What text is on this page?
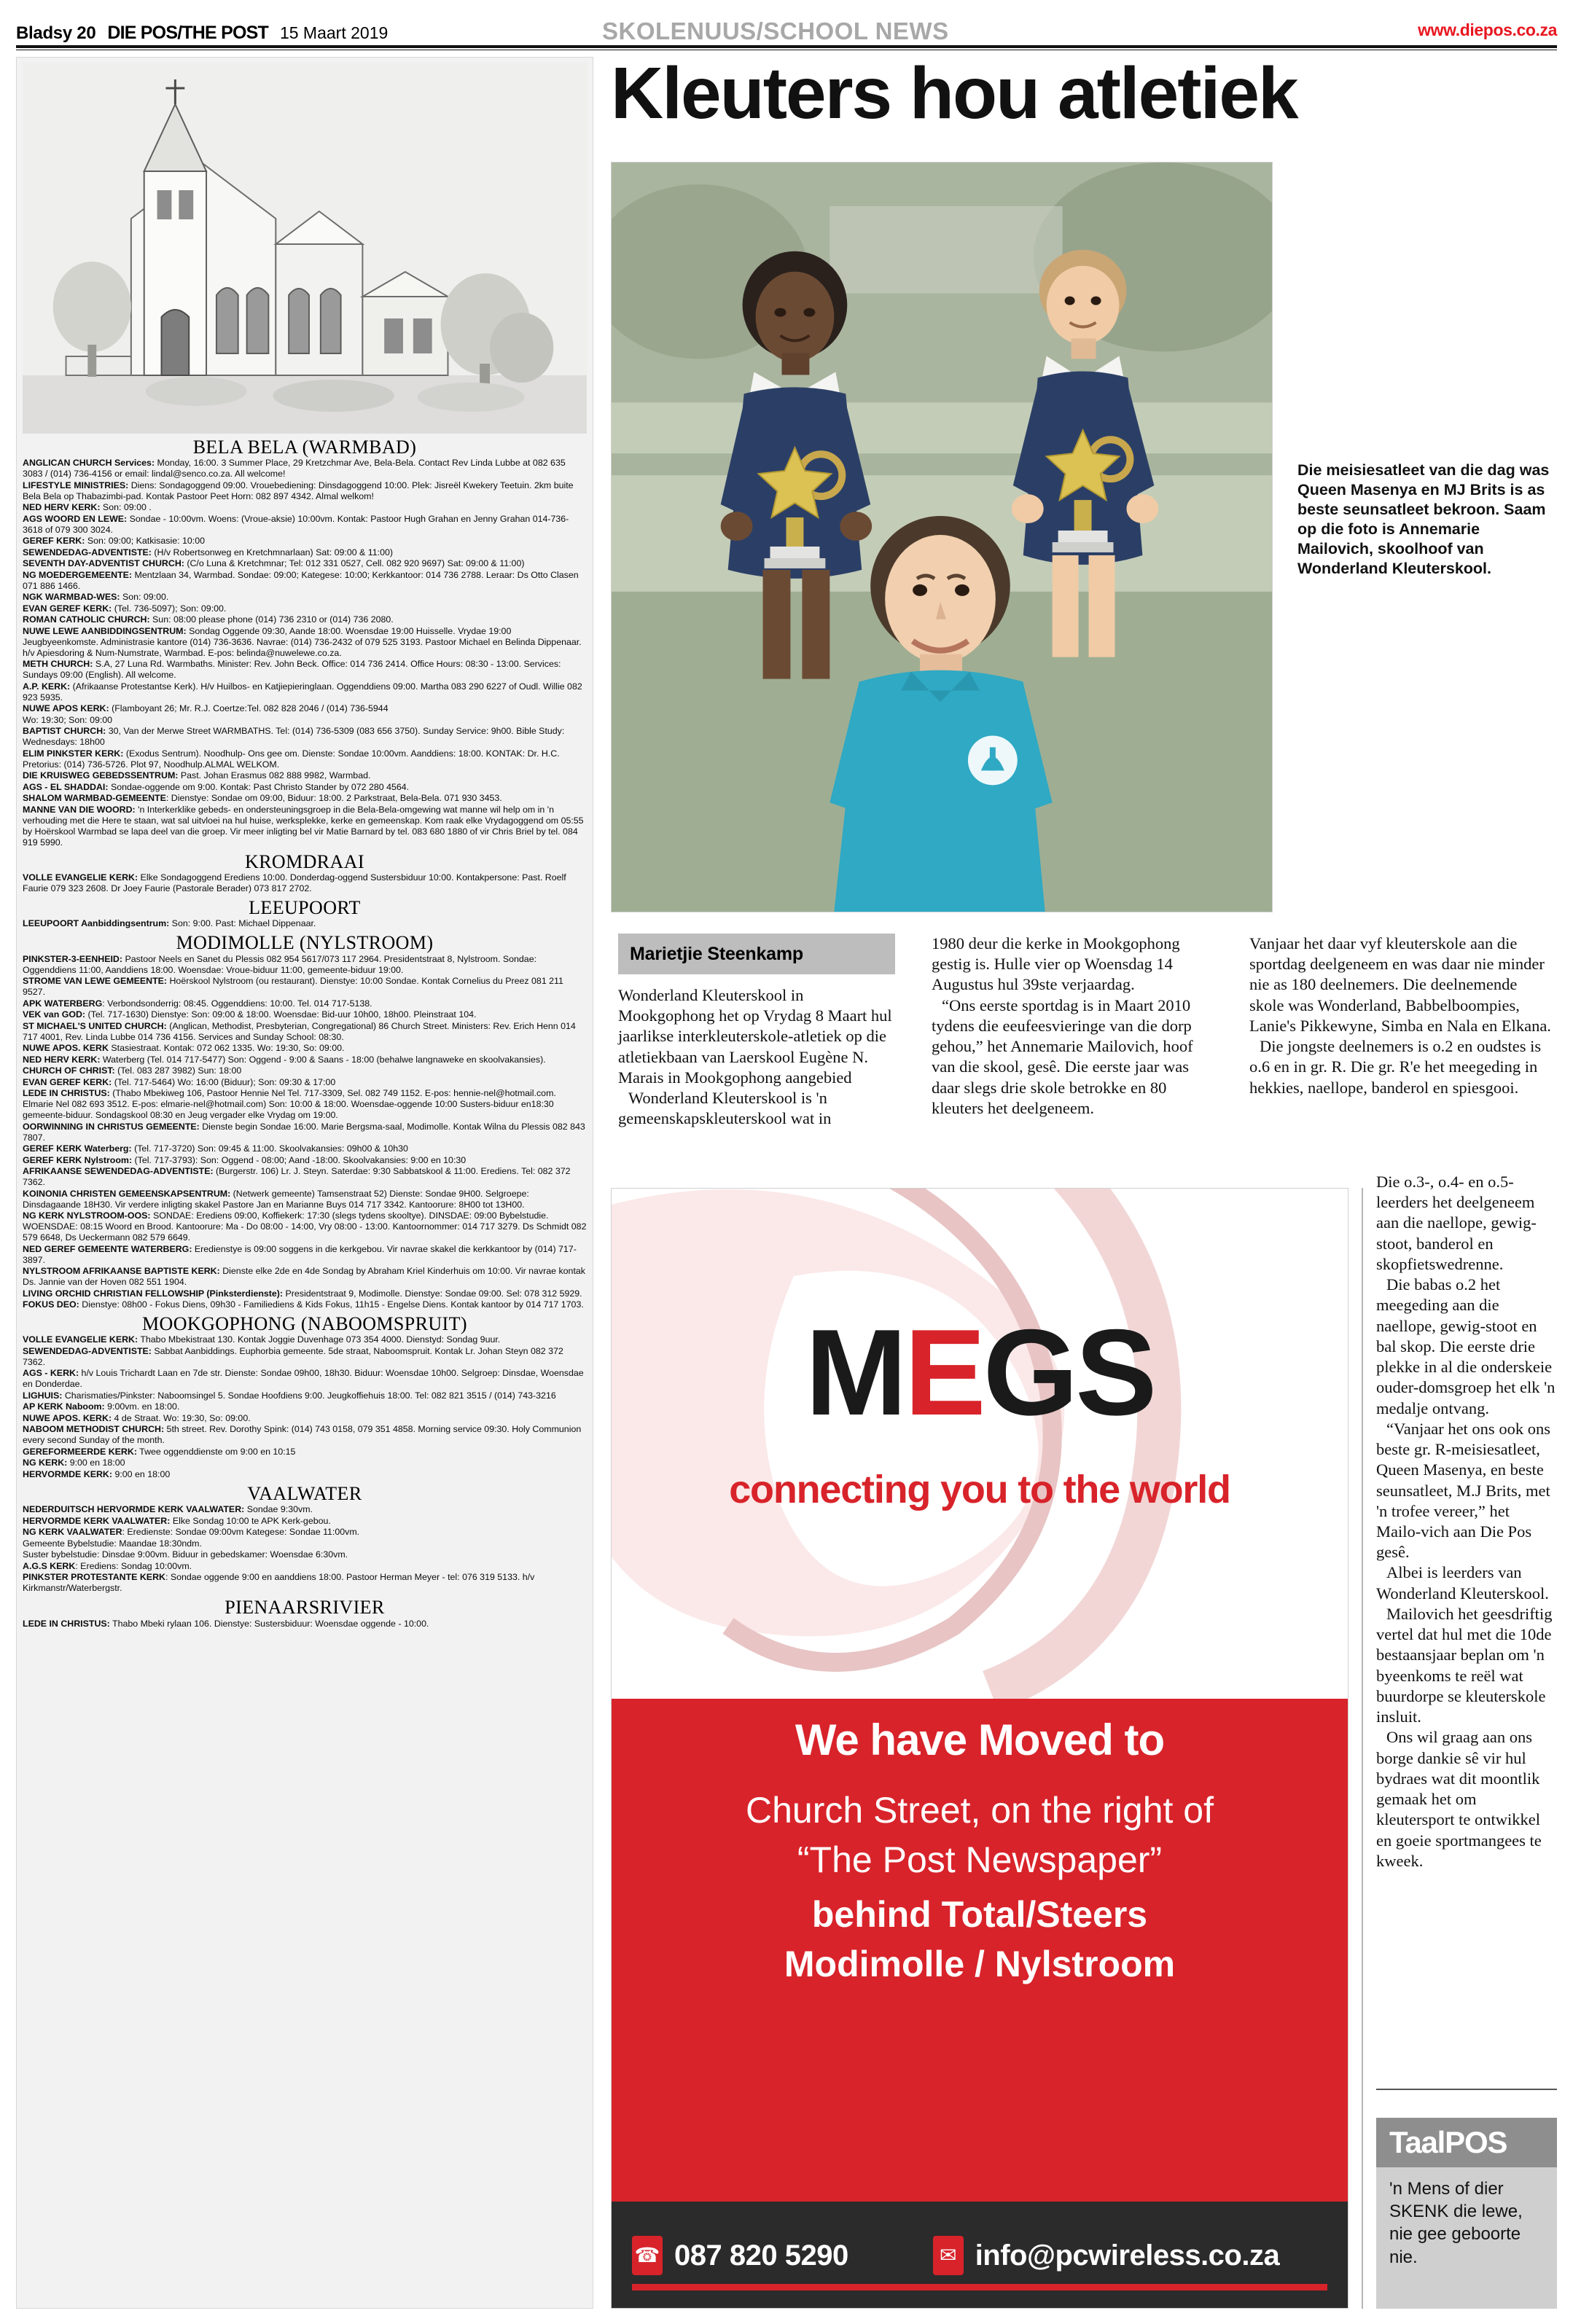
Bladsy 20 DIE POS/THE POST 15 Maart 2019	SKOLENUUS/SCHOOL NEWS	www.diepos.co.za
BELA BELA (WARMBAD)
ANGLICAN CHURCH Services: Monday, 16:00. 3 Summer Place, 29 Kretzchmar Ave, Bela-Bela. Contact Rev Linda Lubbe at 082 635 3083 / (014) 736-4156 or email: lindal@senco.co.za. All welcome!
LIFESTYLE MINISTRIES: Diens: Sondagoggend 09:00. Vrouebediening: Dinsdagoggend 10:00. Plek: Jisreël Kwekery Teetuin. 2km buite Bela Bela op Thabazimbi-pad. Kontak Pastoor Peet Horn: 082 897 4342. Almal welkom!
NED HERV KERK: Son: 09:00 .
AGS WOORD EN LEWE: Sondae - 10:00vm. Woens: (Vroue-aksie) 10:00vm. Kontak: Pastoor Hugh Grahan en Jenny Grahan 014-736-3618 of 079 300 3024.
GEREF KERK: Son: 09:00; Katkisasie: 10:00
SEWENDEDAG-ADVENTISTE: (H/v Robertsonweg en Kretchmnarlaan) Sat: 09:00 & 11:00)
SEVENTH DAY-ADVENTIST CHURCH: (C/o Luna & Kretchmnar; Tel: 012 331 0527, Cell. 082 920 9697) Sat: 09:00 & 11:00)
NG MOEDERGEMEENTE: Mentzlaan 34, Warmbad. Sondae: 09:00; Kategese: 10:00; Kerkkantoor: 014 736 2788. Leraar: Ds Otto Clasen 071 886 1466.
NGK WARMBAD-WES: Son: 09:00.
EVAN GEREF KERK: (Tel. 736-5097); Son: 09:00.
ROMAN CATHOLIC CHURCH: Sun: 08:00 please phone (014) 736 2310 or (014) 736 2080.
NUWE LEWE AANBIDDINGSENTRUM: Sondag Oggende 09:30, Aande 18:00. Woensdae 19:00 Huisselle. Vrydae 19:00 Jeugbyeenkomste. Administrasie kantore (014) 736-3636. Navrae: (014) 736-2432 of 079 525 3193. Pastoor Michael en Belinda Dippenaar. h/v Apiesdoring & Num-Numstrate, Warmbad. E-pos: belinda@nuwelewe.co.za.
METH CHURCH: S.A, 27 Luna Rd. Warmbaths. Minister: Rev. John Beck. Office: 014 736 2414. Office Hours: 08:30 - 13:00. Services: Sundays 09:00 (English). All welcome.
A.P. KERK: (Afrikaanse Protestantse Kerk). H/v Huilbos- en Katjiepieringlaan. Oggenddiens 09:00. Martha 083 290 6227 of Oudl. Willie 082 923 5935.
NUWE APOS KERK: (Flamboyant 26; Mr. R.J. Coertze:Tel. 082 828 2046 / (014) 736-5944
Wo: 19:30; Son: 09:00
BAPTIST CHURCH: 30, Van der Merwe Street WARMBATHS. Tel: (014) 736-5309 (083 656 3750). Sunday Service: 9h00. Bible Study: Wednesdays: 18h00
ELIM PINKSTER KERK: (Exodus Sentrum). Noodhulp- Ons gee om. Dienste: Sondae 10:00vm. Aanddiens: 18:00. KONTAK: Dr. H.C. Pretorius: (014) 736-5726. Plot 97, Noodhulp.ALMAL WELKOM.
DIE KRUISWEG GEBEDSSENTRUM: Past. Johan Erasmus 082 888 9982, Warmbad.
AGS - EL SHADDAI: Sondae-oggende om 9:00. Kontak: Past Christo Stander by 072 280 4564.
SHALOM WARMBAD-GEMEENTE: Dienstye: Sondae om 09:00, Biduur: 18:00. 2 Parkstraat, Bela-Bela. 071 930 3453.
MANNE VAN DIE WOORD: 'n Interkerklike gebeds- en ondersteuningsgroep in die Bela-Bela-omgewing wat manne wil help om in 'n verhouding met die Here te staan, wat sal uitvloei na hul huise, werksplekke, kerke en gemeenskap. Kom raak elke Vrydagoggend om 05:55 by Hoërskool Warmbad se lapa deel van die groep. Vir meer inligting bel vir Matie Barnard by tel. 083 680 1880 of vir Chris Briel by tel. 084 919 5990.
KROMDRAAI
VOLLE EVANGELIE KERK: Elke Sondagoggend Erediens 10:00. Donderdag-oggend Sustersbiduur 10:00. Kontakpersone: Past. Roelf Faurie 079 323 2608. Dr Joey Faurie (Pastorale Berader) 073 817 2702.
LEEUPOORT
LEEUPOORT Aanbiddingsentrum: Son: 9:00. Past: Michael Dippenaar.
MODIMOLLE (NYLSTROOM)
PINKSTER-3-EENHEID: Pastoor Neels en Sanet du Plessis 082 954 5617/073 117 2964. Presidentstraat 8, Nylstroom. Sondae: Oggenddiens 11:00, Aanddiens 18:00. Woensdae: Vroue-biduur 11:00, gemeente-biduur 19:00.
STROME VAN LEWE GEMEENTE: Hoërskool Nylstroom (ou restaurant). Dienstye: 10:00 Sondae. Kontak Cornelius du Preez 081 211 9527.
APK WATERBERG: Verbondsonderrig: 08:45. Oggenddiens: 10:00. Tel. 014 717-5138.
VEK van GOD: (Tel. 717-1630) Dienstye: Son: 09:00 & 18:00. Woensdae: Bid-uur 10h00, 18h00. Pleinstraat 104.
ST MICHAEL'S UNITED CHURCH: (Anglican, Methodist, Presbyterian, Congregational) 86 Church Street. Ministers: Rev. Erich Henn 014 717 4001, Rev. Linda Lubbe 014 736 4156. Services and Sunday School: 08:30.
NUWE APOS. KERK Stasiestraat. Kontak: 072 062 1335. Wo: 19:30, So: 09:00.
NED HERV KERK: Waterberg (Tel. 014 717-5477) Son: Oggend - 9:00 & Saans - 18:00 (behalwe langnaweke en skoolvakansies).
CHURCH OF CHRIST: (Tel. 083 287 3982) Sun: 18:00
EVAN GEREF KERK: (Tel. 717-5464) Wo: 16:00 (Biduur); Son: 09:30 & 17:00
LEDE IN CHRISTUS: (Thabo Mbekiweg 106, Pastoor Hennie Nel Tel. 717-3309, Sel. 082 749 1152. E-pos: hennie-nel@hotmail.com. Elmarie Nel 082 693 3512. E-pos: elmarie-nel@hotmail.com) Son: 10:00 & 18:00. Woensdae-oggende 10:00 Susters-biduur en18:30 gemeente-biduur. Sondagskool 08:30 en Jeug vergader elke Vrydag om 19:00.
OORWINNING IN CHRISTUS GEMEENTE: Dienste begin Sondae 16:00. Marie Bergsma-saal, Modimolle. Kontak Wilna du Plessis 082 843 7807.
GEREF KERK Waterberg: (Tel. 717-3720) Son: 09:45 & 11:00. Skoolvakansies: 09h00 & 10h30
GEREF KERK Nylstroom: (Tel. 717-3793): Son: Oggend - 08:00; Aand -18:00. Skoolvakansies: 9:00 en 10:30
AFRIKAANSE SEWENDEDAG-ADVENTISTE: (Burgerstr. 106) Lr. J. Steyn. Saterdae: 9:30 Sabbatskool & 11:00. Erediens. Tel: 082 372 7362.
KOINONIA CHRISTEN GEMEENSKAPSENTRUM: (Netwerk gemeente) Tamsenstraat 52) Dienste: Sondae 9H00. Selgroepe: Dinsdagaande 18H30. Vir verdere inligting skakel Pastore Jan en Marianne Buys 014 717 3342. Kantoorure: 8H00 tot 13H00.
NG KERK NYLSTROOM-OOS: SONDAE: Erediens 09:00, Koffiekerk: 17:30 (slegs tydens skooltye). DINSDAE: 09:00 Bybelstudie. WOENSDAE: 08:15 Woord en Brood. Kantoorure: Ma - Do 08:00 - 14:00, Vry 08:00 - 13:00. Kantoornommer: 014 717 3279. Ds Schmidt 082 579 6648, Ds Ueckermann 082 579 6649.
NED GEREF GEMEENTE WATERBERG: Eredienstye is 09:00 soggens in die kerkgebou. Vir navrae skakel die kerkkantoor by (014) 717-3897.
NYLSTROOM AFRIKAANSE BAPTISTE KERK: Dienste elke 2de en 4de Sondag by Abraham Kriel Kinderhuis om 10:00. Vir navrae kontak Ds. Jannie van der Hoven 082 551 1904.
LIVING ORCHID CHRISTIAN FELLOWSHIP (Pinksterdienste): Presidentstraat 9, Modimolle. Dienstye: Sondae 09:00. Sel: 078 312 5929.
FOKUS DEO: Dienstye: 08h00 - Fokus Diens, 09h30 - Familiediens & Kids Fokus, 11h15 - Engelse Diens. Kontak kantoor by 014 717 1703.
MOOKGOPHONG (NABOOMSPRUIT)
VOLLE EVANGELIE KERK: Thabo Mbekistraat 130. Kontak Joggie Duvenhage 073 354 4000. Dienstyd: Sondag 9uur.
SEWENDEDAG-ADVENTISTE: Sabbat Aanbiddings. Euphorbia gemeente. 5de straat, Naboomspruit. Kontak Lr. Johan Steyn 082 372 7362.
AGS - KERK: h/v Louis Trichardt Laan en 7de str. Dienste: Sondae 09h00, 18h30. Biduur: Woensdae 10h00. Selgroep: Dinsdae, Woensdae en Donderdae.
LIGHUIS: Charismaties/Pinkster: Naboomsingel 5. Sondae Hoofdiens 9:00. Jeugkoffiehuis 18:00. Tel: 082 821 3515 / (014) 743-3216
AP KERK Naboom: 9:00vm. en 18:00.
NUWE APOS. KERK: 4 de Straat. Wo: 19:30, So: 09:00.
NABOOM METHODIST CHURCH: 5th street. Rev. Dorothy Spink: (014) 743 0158, 079 351 4858. Morning service 09:30. Holy Communion every second Sunday of the month.
GEREFORMEERDE KERK: Twee oggenddienste om 9:00 en 10:15
NG KERK: 9:00 en 18:00
HERVORMDE KERK: 9:00 en 18:00
VAALWATER
NEDERDUITSCH HERVORMDE KERK VAALWATER: Sondae 9:30vm.
HERVORMDE KERK VAALWATER: Elke Sondag 10:00 te APK Kerk-gebou.
NG KERK VAALWATER: Eredienste: Sondae 09:00vm Kategese: Sondae 11:00vm.
Gemeente Bybelstudie: Maandae 18:30ndm.
Suster bybelstudie: Dinsdae 9:00vm. Biduur in gebedskamer: Woensdae 6:30vm.
A.G.S KERK: Erediens: Sondag 10:00vm.
PINKSTER PROTESTANTE KERK: Sondae oggende 9:00 en aanddiens 18:00. Pastoor Herman Meyer - tel: 076 319 5133. h/v Kirkmanstr/Waterbergstr.
PIENAARSRIVIER
LEDE IN CHRISTUS: Thabo Mbeki rylaan 106. Dienstye: Sustersbiduur: Woensdae oggende - 10:00.
Kleuters hou atletiek
Die meisiesatleet van die dag was Queen Masenya en MJ Brits is as beste seunsatleet bekroon. Saam op die foto is Annemarie Mailovich, skoolhoof van Wonderland Kleuterskool.
Marietjie Steenkamp

Wonderland Kleuterskool in Mookgophong het op Vrydag 8 Maart hul jaarlikse interkleuterskole-atletiek op die atletiekbaan van Laerskool Eugène N. Marais in Mookgophong aangebied

Wonderland Kleuterskool is 'n gemeenskapskleuterskool wat in

1980 deur die kerke in Mookgophong gestig is. Hulle vier op Woensdag 14 Augustus hul 39ste verjaardag.

“Ons eerste sportdag is in Maart 2010 tydens die eeufeesvieringe van die dorp gehou,” het Annemarie Mailovich, hoof van die skool, gesê. Die eerste jaar was daar slegs drie skole betrokke en 80 kleuters het deelgeneem.

Vanjaar het daar vyf kleuterskole aan die sportdag deelgeneem en was daar nie minder nie as 180 deelnemers. Die deelnemende skole was Wonderland, Babbelboompies, Lanie's Pikkewyne, Simba en Nala en Elkana.

Die jongste deelnemers is o.2 en oudstes is o.6 en in gr. R. Die gr. R'e het meegeding in hekkies, naellope, banderol en spiesgooi.

Die o.3-, o.4- en o.5-leerders het deelgeneem aan die naellope, gewig-stoot, banderol en skopfietswedrenne.

Die babas o.2 het meegeding aan die naellope, gewig-stoot en bal skop. Die eerste drie plekke in al die onderskeie ouder-domsgroep het elk 'n medalje ontvang.

“Vanjaar het ons ook ons beste gr. R-meisiesatleet, Queen Masenya, en beste seunsatleet, M.J Brits, met 'n trofee vereer,” het Mailo-vich aan Die Pos gesê.

Albei is leerders van Wonderland Kleuterskool.

Mailovich het geesdriftig vertel dat hul met die 10de bestaansjaar beplan om 'n byeenkoms te reël wat buurdorpe se kleuterskole insluit.

Ons wil graag aan ons borge dankie sê vir hul bydraes wat dit moontlik gemaak het om kleutersport te ontwikkel en goeie sportmangees te kweek.

MEGS
connecting you to the world
We have Moved to
Church Street, on the right of
“The Post Newspaper”
behind Total/Steers
Modimolle / Nylstroom
☎ 087 820 5290	✉ info@pcwireless.co.za
TaalPOS
'n Mens of dier SKENK die lewe, nie gee geboorte nie.
